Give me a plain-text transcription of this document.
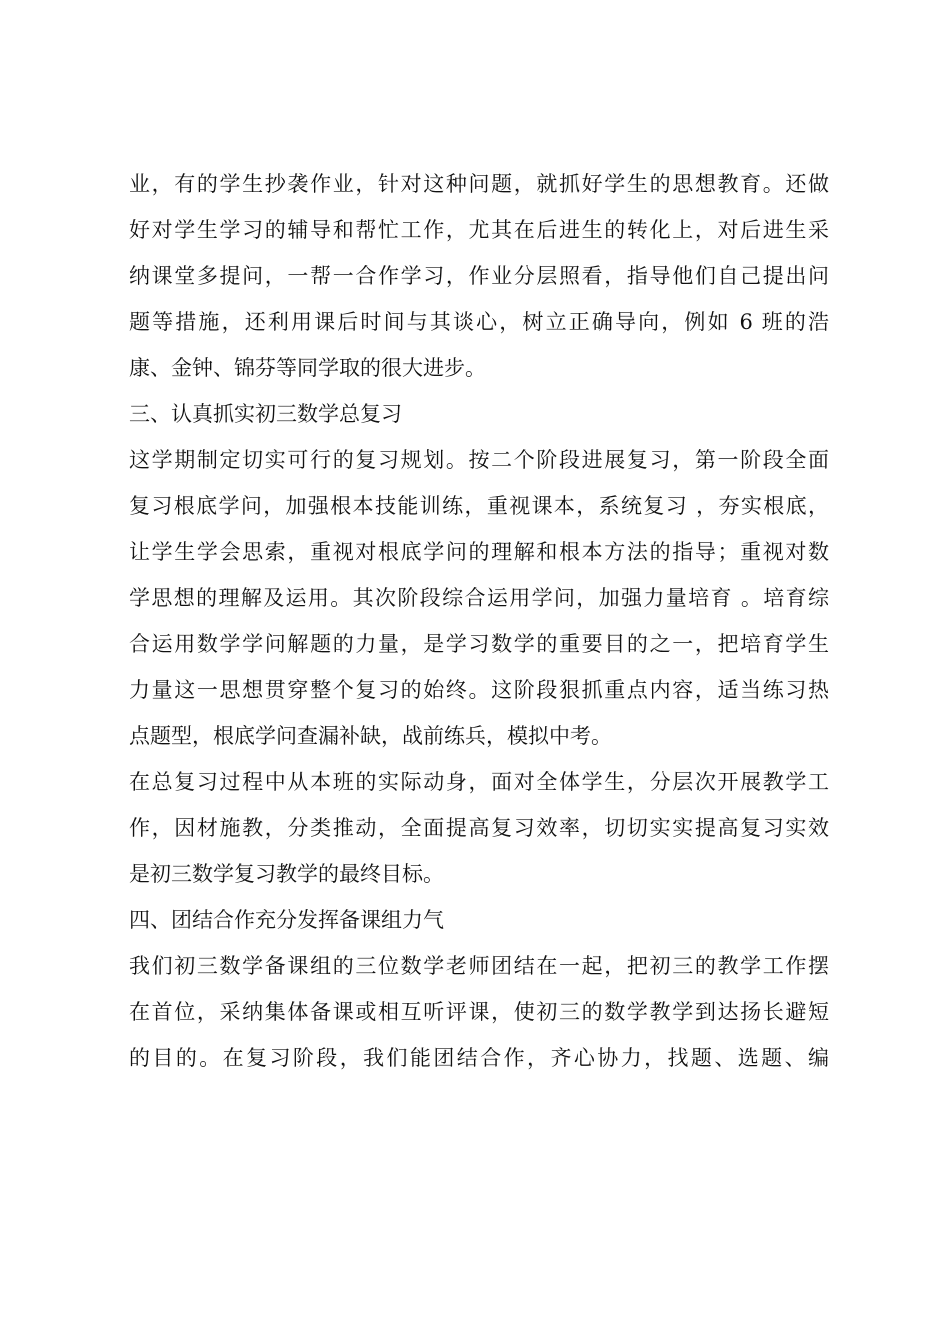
业，有的学生抄袭作业，针对这种问题，就抓好学生的思想教育。还做
好对学生学习的辅导和帮忙工作，尤其在后进生的转化上，对后进生采
纳课堂多提问，一帮一合作学习，作业分层照看，指导他们自己提出问
题等措施，还利用课后时间与其谈心，树立正确导向，例如 6 班的浩
康、金钟、锦芬等同学取的很大进步。
三、认真抓实初三数学总复习
这学期制定切实可行的复习规划。按二个阶段进展复习，第一阶段全面
复习根底学问，加强根本技能训练，重视课本，系统复习 ，夯实根底，
让学生学会思索，重视对根底学问的理解和根本方法的指导；重视对数
学思想的理解及运用。其次阶段综合运用学问，加强力量培育 。培育综
合运用数学学问解题的力量，是学习数学的重要目的之一，把培育学生
力量这一思想贯穿整个复习的始终。这阶段狠抓重点内容，适当练习热
点题型，根底学问查漏补缺，战前练兵，模拟中考。
在总复习过程中从本班的实际动身，面对全体学生，分层次开展教学工
作，因材施教，分类推动，全面提高复习效率，切切实实提高复习实效
是初三数学复习教学的最终目标。
四、团结合作充分发挥备课组力气
我们初三数学备课组的三位数学老师团结在一起，把初三的教学工作摆
在首位，采纳集体备课或相互听评课，使初三的数学教学到达扬长避短
的目的。在复习阶段，我们能团结合作，齐心协力，找题、选题、编
